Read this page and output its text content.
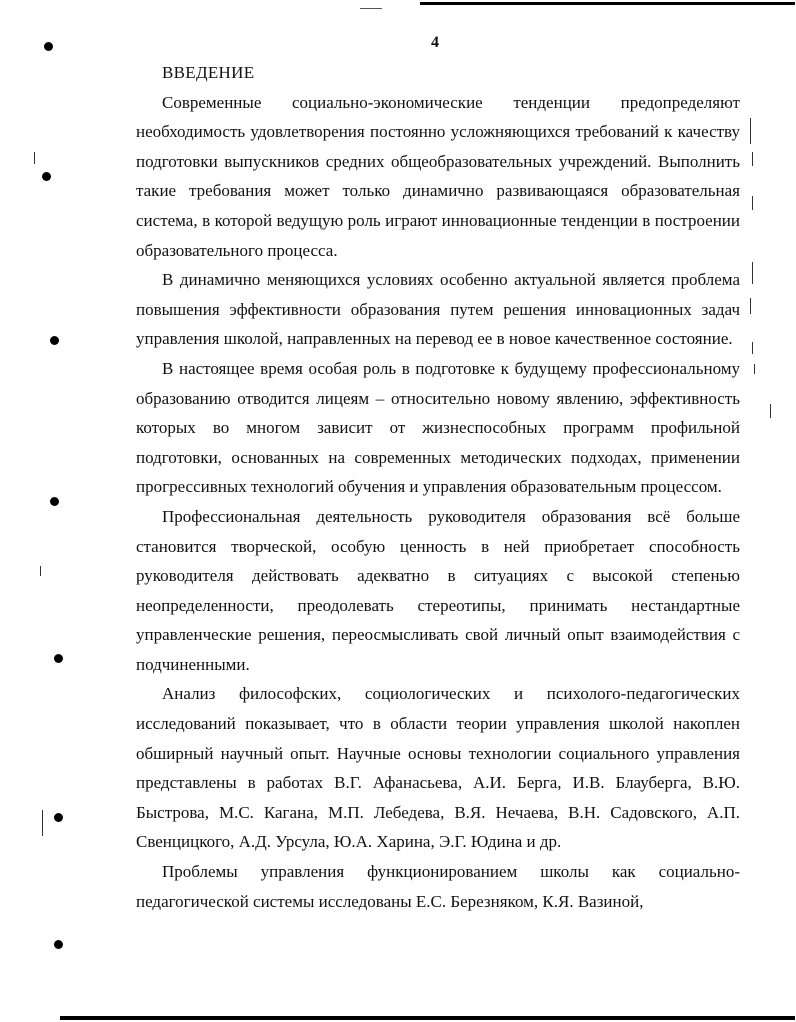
4
ВВЕДЕНИЕ

Современные социально-экономические тенденции предопределяют необходимость удовлетворения постоянно усложняющихся требований к качеству подготовки выпускников средних общеобразовательных учреждений. Выполнить такие требования может только динамично развивающаяся образовательная система, в которой ведущую роль играют инновационные тенденции в построении образовательного процесса.

В динамично меняющихся условиях особенно актуальной является проблема повышения эффективности образования путем решения инновационных задач управления школой, направленных на перевод ее в новое качественное состояние.

В настоящее время особая роль в подготовке к будущему профессиональному образованию отводится лицеям – относительно новому явлению, эффективность которых во многом зависит от жизнеспособных программ профильной подготовки, основанных на современных методических подходах, применении прогрессивных технологий обучения и управления образовательным процессом.

Профессиональная деятельность руководителя образования всё больше становится творческой, особую ценность в ней приобретает способность руководителя действовать адекватно в ситуациях с высокой степенью неопределенности, преодолевать стереотипы, принимать нестандартные управленческие решения, переосмысливать свой личный опыт взаимодействия с подчиненными.

Анализ философских, социологических и психолого-педагогических исследований показывает, что в области теории управления школой накоплен обширный научный опыт. Научные основы технологии социального управления представлены в работах В.Г. Афанасьева, А.И. Берга, И.В. Блауберга, В.Ю. Быстрова, М.С. Кагана, М.П. Лебедева, В.Я. Нечаева, В.Н. Садовского, А.П. Свенцицкого, А.Д. Урсула, Ю.А. Харина, Э.Г. Юдина и др.

Проблемы управления функционированием школы как социально-педагогической системы исследованы Е.С. Березняком, К.Я. Вазиной,
